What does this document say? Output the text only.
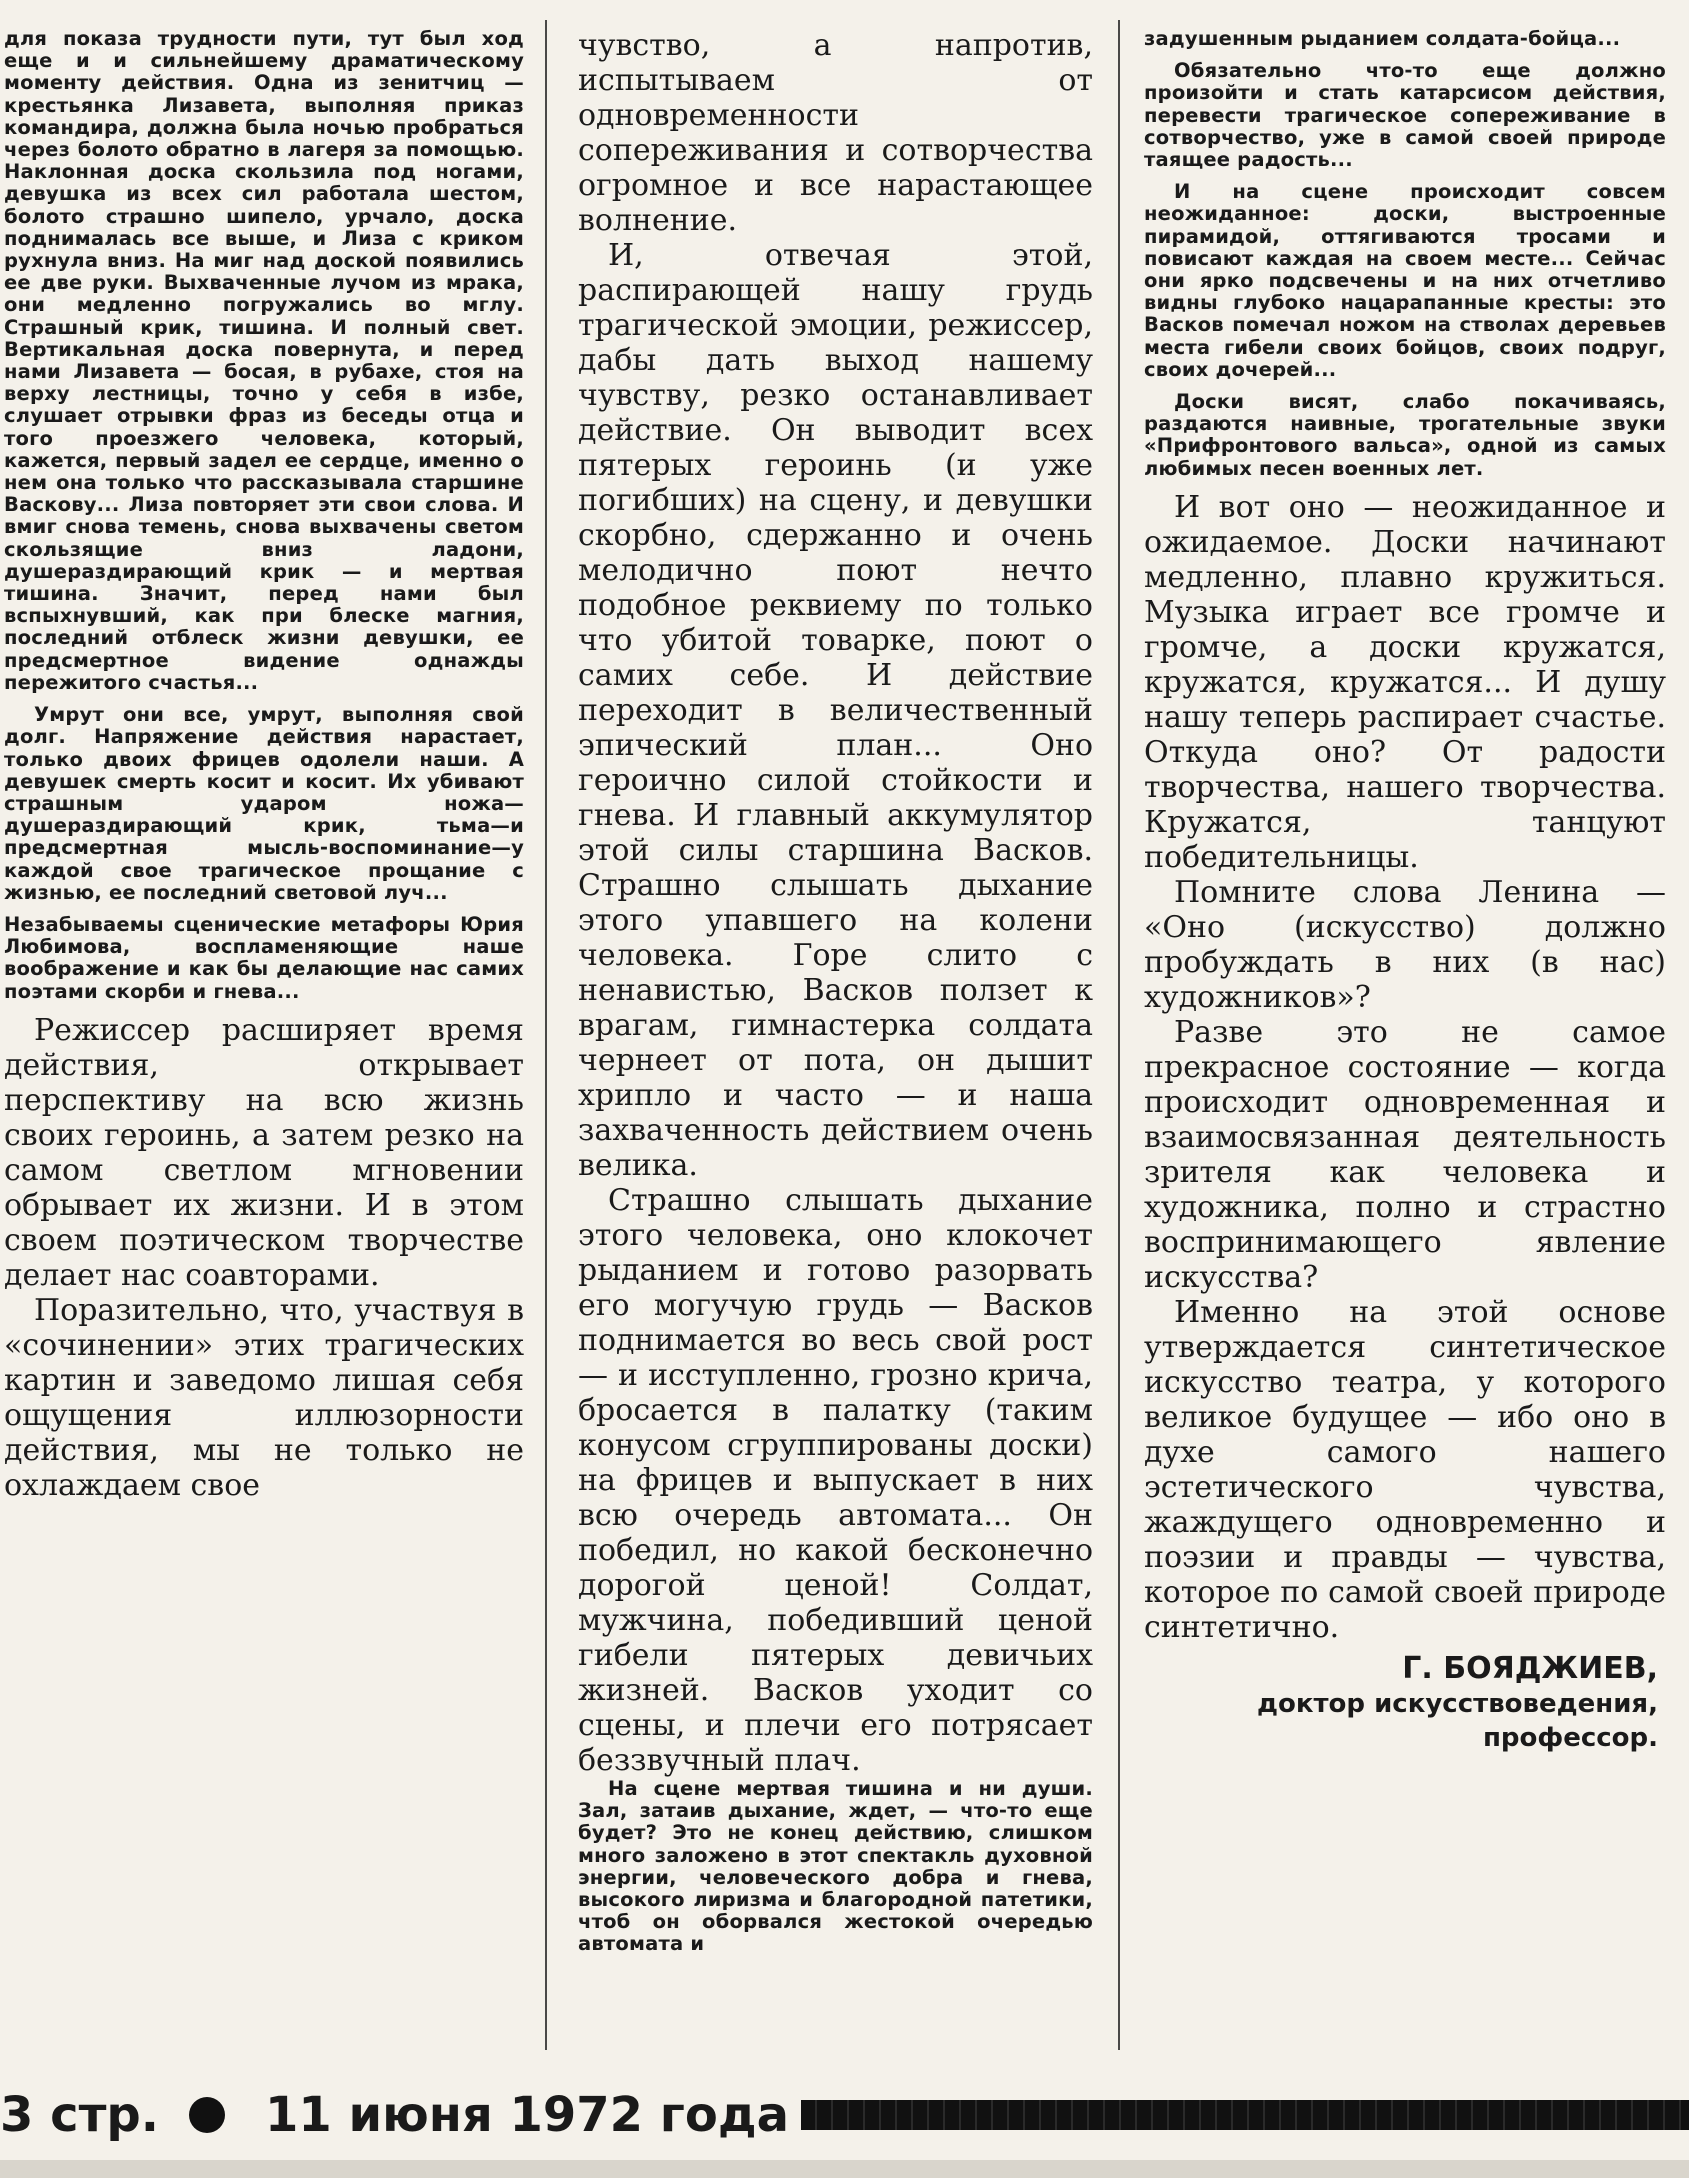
для показа трудности пути, тут был ход еще и и сильнейшему драматическому моменту действия. Одна из зенитчиц — крестьянка Лизавета, выполняя приказ командира, должна была ночью пробраться через болото обратно в лагеря за помощью. Наклонная доска скользила под ногами, девушка из всех сил работала шестом, болото страшно шипело, урчало, доска поднималась все выше, и Лиза с криком рухнула вниз. На миг над доской появились ее две руки. Выхваченные лучом из мрака, они медленно погружались во мглу. Страшный крик, тишина. И полный свет. Вертикальная доска повернута, и перед нами Лизавета — босая, в рубахе, стоя на верху лестницы, точно у себя в избе, слушает отрывки фраз из беседы отца и того проезжего человека, который, кажется, первый задел ее сердце, именно о нем она только что рассказывала старшине Васкову... Лиза повторяет эти свои слова. И вмиг снова темень, снова выхвачены светом скользящие вниз ладони, душераздирающий крик — и мертвая тишина. Значит, перед нами был вспыхнувший, как при блеске магния, последний отблеск жизни девушки, ее предсмертное видение однажды пережитого счастья...

Умрут они все, умрут, выполняя свой долг. Напряжение действия нарастает, только двоих фрицев одолели наши. А девушек смерть косит и косит. Их убивают страшным ударом ножа—душераздирающий крик, тьма—и предсмертная мысль-воспоминание—у каждой свое трагическое прощание с жизнью, ее последний световой луч...

Незабываемы сценические метафоры Юрия Любимова, воспламеняющие наше воображение и как бы делающие нас самих поэтами скорби и гнева...

Режиссер расширяет время действия, открывает перспективу на всю жизнь своих героинь, а затем резко на самом светлом мгновении обрывает их жизни. И в этом своем поэтическом творчестве делает нас соавторами.

Поразительно, что, участвуя в «сочинении» этих трагических картин и заведомо лишая себя ощущения иллюзорности действия, мы не только не охлаждаем свое

чувство, а напротив, испытываем от одновременности сопереживания и сотворчества огромное и все нарастающее волнение.

И, отвечая этой, распирающей нашу грудь трагической эмоции, режиссер, дабы дать выход нашему чувству, резко останавливает действие. Он выводит всех пятерых героинь (и уже погибших) на сцену, и девушки скорбно, сдержанно и очень мелодично поют нечто подобное реквиему по только что убитой товарке, поют о самих себе. И действие переходит в величественный эпический план... Оно героично силой стойкости и гнева. И главный аккумулятор этой силы старшина Васков. Страшно слышать дыхание этого упавшего на колени человека. Горе слито с ненавистью, Васков ползет к врагам, гимнастерка солдата чернеет от пота, он дышит хрипло и часто — и наша захваченность действием очень велика.

Страшно слышать дыхание этого человека, оно клокочет рыданием и готово разорвать его могучую грудь — Васков поднимается во весь свой рост — и исступленно, грозно крича, бросается в палатку (таким конусом сгруппированы доски) на фрицев и выпускает в них всю очередь автомата... Он победил, но какой бесконечно дорогой ценой! Солдат, мужчина, победивший ценой гибели пятерых девичьих жизней. Васков уходит со сцены, и плечи его потрясает беззвучный плач.

На сцене мертвая тишина и ни души. Зал, затаив дыхание, ждет, — что-то еще будет? Это не конец действию, слишком много заложено в этот спектакль духовной энергии, человеческого добра и гнева, высокого лиризма и благородной патетики, чтоб он оборвался жестокой очередью автомата и

задушенным рыданием солдата-бойца...

Обязательно что-то еще должно произойти и стать катарсисом действия, перевести трагическое сопереживание в сотворчество, уже в самой своей природе таящее радость...

И на сцене происходит совсем неожиданное: доски, выстроенные пирамидой, оттягиваются тросами и повисают каждая на своем месте... Сейчас они ярко подсвечены и на них отчетливо видны глубоко нацарапанные кресты: это Васков помечал ножом на стволах деревьев места гибели своих бойцов, своих подруг, своих дочерей...

Доски висят, слабо покачиваясь, раздаются наивные, трогательные звуки «Прифронтового вальса», одной из самых любимых песен военных лет.

И вот оно — неожиданное и ожидаемое. Доски начинают медленно, плавно кружиться. Музыка играет все громче и громче, а доски кружатся, кружатся, кружатся... И душу нашу теперь распирает счастье. Откуда оно? От радости творчества, нашего творчества. Кружатся, танцуют победительницы.

Помните слова Ленина — «Оно (искусство) должно пробуждать в них (в нас) художников»?

Разве это не самое прекрасное состояние — когда происходит одновременная и взаимосвязанная деятельность зрителя как человека и художника, полно и страстно воспринимающего явление искусства?

Именно на этой основе утверждается синтетическое искусство театра, у которого великое будущее — ибо оно в духе самого нашего эстетического чувства, жаждущего одновременно и поэзии и правды — чувства, которое по самой своей природе синтетично.

Г. БОЯДЖИЕВ,
доктор искусствоведения,
профессор.
3 стр. 11 июня 1972 года
